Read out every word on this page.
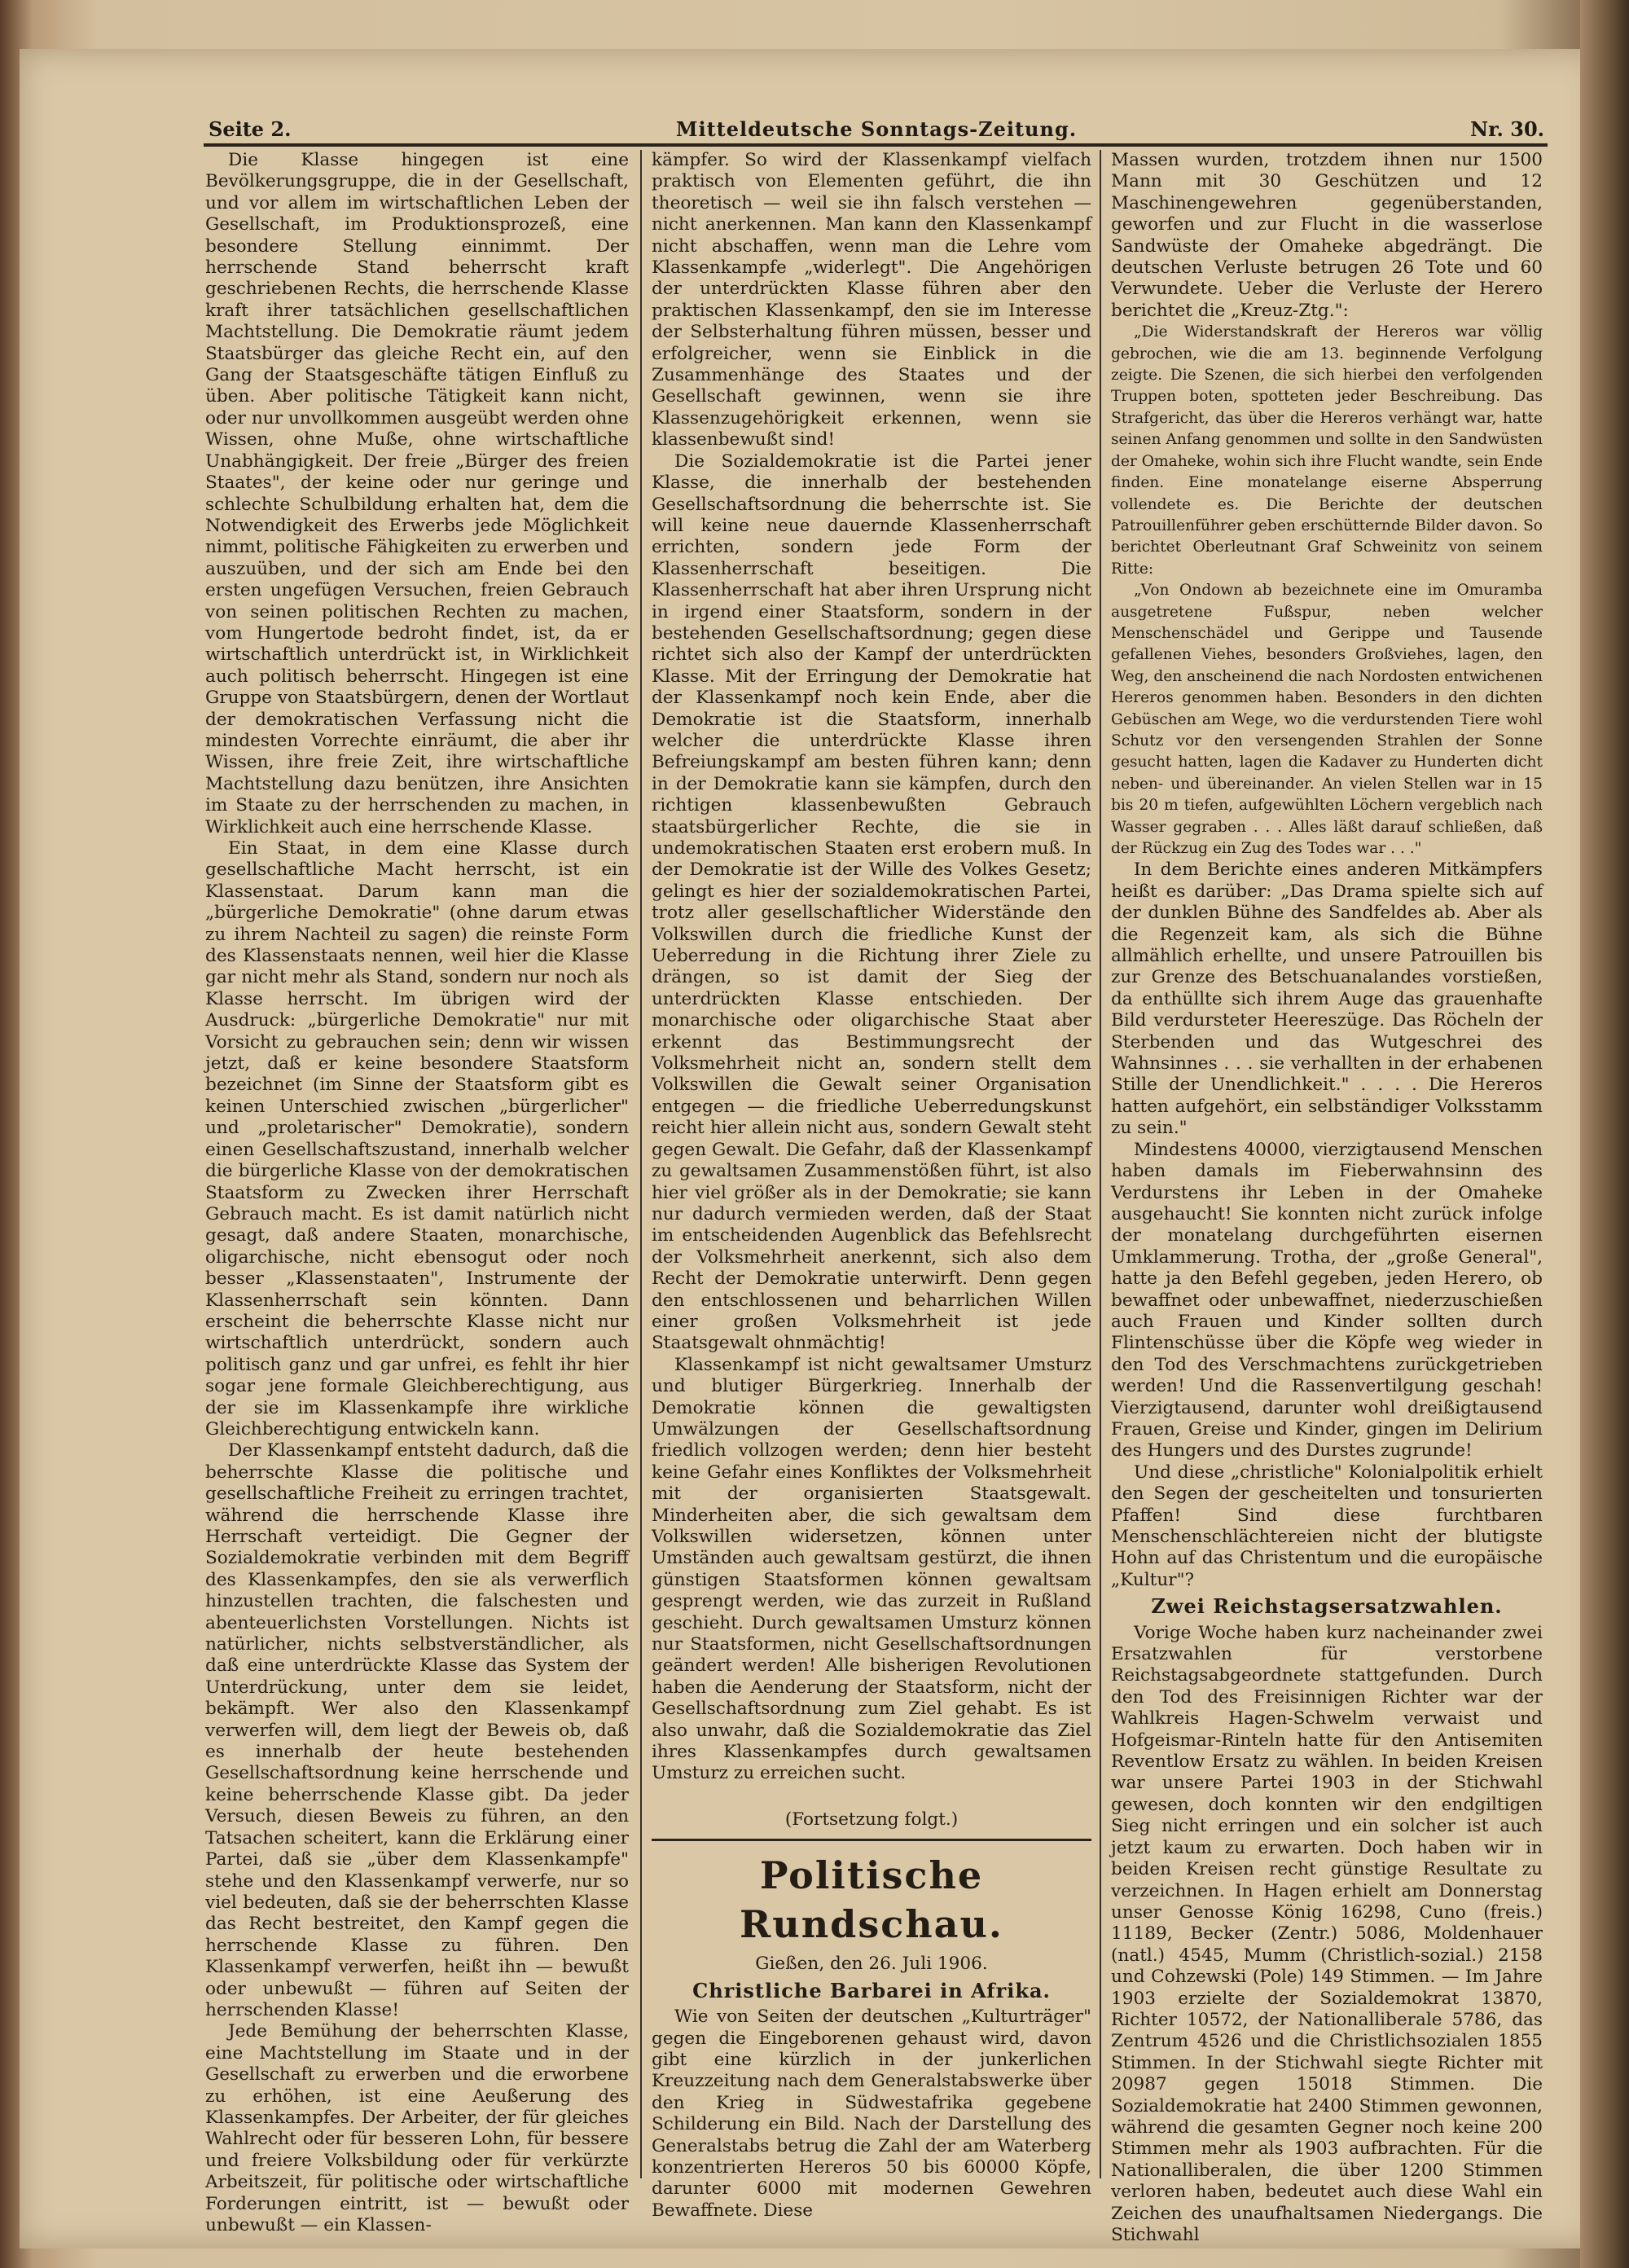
Seite 2.	Mitteldeutsche Sonntags-Zeitung.	Nr. 30.

Die Klasse hingegen ist eine Bevölkerungsgruppe, die in der Gesellschaft, und vor allem im wirtschaftlichen Leben der Gesellschaft, im Produktionsprozeß, eine besondere Stellung einnimmt. Der herrschende Stand beherrscht kraft geschriebenen Rechts, die herrschende Klasse kraft ihrer tatsächlichen gesellschaftlichen Machtstellung. Die Demokratie räumt jedem Staatsbürger das gleiche Recht ein, auf den Gang der Staatsgeschäfte tätigen Einfluß zu üben. Aber politische Tätigkeit kann nicht, oder nur unvollkommen ausgeübt werden ohne Wissen, ohne Muße, ohne wirtschaftliche Unabhängigkeit. Der freie „Bürger des freien Staates", der keine oder nur geringe und schlechte Schulbildung erhalten hat, dem die Notwendigkeit des Erwerbs jede Möglichkeit nimmt, politische Fähigkeiten zu erwerben und auszuüben, und der sich am Ende bei den ersten ungefügen Versuchen, freien Gebrauch von seinen politischen Rechten zu machen, vom Hungertode bedroht findet, ist, da er wirtschaftlich unterdrückt ist, in Wirklichkeit auch politisch beherrscht. Hingegen ist eine Gruppe von Staatsbürgern, denen der Wortlaut der demokratischen Verfassung nicht die mindesten Vorrechte einräumt, die aber ihr Wissen, ihre freie Zeit, ihre wirtschaftliche Machtstellung dazu benützen, ihre Ansichten im Staate zu der herrschenden zu machen, in Wirklichkeit auch eine herrschende Klasse.

Ein Staat, in dem eine Klasse durch gesellschaftliche Macht herrscht, ist ein Klassenstaat. Darum kann man die „bürgerliche Demokratie" (ohne darum etwas zu ihrem Nachteil zu sagen) die reinste Form des Klassenstaats nennen, weil hier die Klasse gar nicht mehr als Stand, sondern nur noch als Klasse herrscht. Im übrigen wird der Ausdruck: „bürgerliche Demokratie" nur mit Vorsicht zu gebrauchen sein; denn wir wissen jetzt, daß er keine besondere Staatsform bezeichnet (im Sinne der Staatsform gibt es keinen Unterschied zwischen „bürgerlicher" und „proletarischer" Demokratie), sondern einen Gesellschaftszustand, innerhalb welcher die bürgerliche Klasse von der demokratischen Staatsform zu Zwecken ihrer Herrschaft Gebrauch macht. Es ist damit natürlich nicht gesagt, daß andere Staaten, monarchische, oligarchische, nicht ebensogut oder noch besser „Klassenstaaten", Instrumente der Klassenherrschaft sein könnten. Dann erscheint die beherrschte Klasse nicht nur wirtschaftlich unterdrückt, sondern auch politisch ganz und gar unfrei, es fehlt ihr hier sogar jene formale Gleichberechtigung, aus der sie im Klassenkampfe ihre wirkliche Gleichberechtigung entwickeln kann.

Der Klassenkampf entsteht dadurch, daß die beherrschte Klasse die politische und gesellschaftliche Freiheit zu erringen trachtet, während die herrschende Klasse ihre Herrschaft verteidigt. Die Gegner der Sozialdemokratie verbinden mit dem Begriff des Klassenkampfes, den sie als verwerflich hinzustellen trachten, die falschesten und abenteuerlichsten Vorstellungen. Nichts ist natürlicher, nichts selbstverständlicher, als daß eine unterdrückte Klasse das System der Unterdrückung, unter dem sie leidet, bekämpft. Wer also den Klassenkampf verwerfen will, dem liegt der Beweis ob, daß es innerhalb der heute bestehenden Gesellschaftsordnung keine herrschende und keine beherrschende Klasse gibt. Da jeder Versuch, diesen Beweis zu führen, an den Tatsachen scheitert, kann die Erklärung einer Partei, daß sie „über dem Klassenkampfe" stehe und den Klassenkampf verwerfe, nur so viel bedeuten, daß sie der beherrschten Klasse das Recht bestreitet, den Kampf gegen die herrschende Klasse zu führen. Den Klassenkampf verwerfen, heißt ihn — bewußt oder unbewußt — führen auf Seiten der herrschenden Klasse!

Jede Bemühung der beherrschten Klasse, eine Machtstellung im Staate und in der Gesellschaft zu erwerben und die erworbene zu erhöhen, ist eine Aeußerung des Klassenkampfes. Der Arbeiter, der für gleiches Wahlrecht oder für besseren Lohn, für bessere und freiere Volksbildung oder für verkürzte Arbeitszeit, für politische oder wirtschaftliche Forderungen eintritt, ist — bewußt oder unbewußt — ein Klassen-

kämpfer. So wird der Klassenkampf vielfach praktisch von Elementen geführt, die ihn theoretisch — weil sie ihn falsch verstehen — nicht anerkennen. Man kann den Klassenkampf nicht abschaffen, wenn man die Lehre vom Klassenkampfe „widerlegt". Die Angehörigen der unterdrückten Klasse führen aber den praktischen Klassenkampf, den sie im Interesse der Selbsterhaltung führen müssen, besser und erfolgreicher, wenn sie Einblick in die Zusammenhänge des Staates und der Gesellschaft gewinnen, wenn sie ihre Klassenzugehörigkeit erkennen, wenn sie klassenbewußt sind!

Die Sozialdemokratie ist die Partei jener Klasse, die innerhalb der bestehenden Gesellschaftsordnung die beherrschte ist. Sie will keine neue dauernde Klassenherrschaft errichten, sondern jede Form der Klassenherrschaft beseitigen. Die Klassenherrschaft hat aber ihren Ursprung nicht in irgend einer Staatsform, sondern in der bestehenden Gesellschaftsordnung; gegen diese richtet sich also der Kampf der unterdrückten Klasse. Mit der Erringung der Demokratie hat der Klassenkampf noch kein Ende, aber die Demokratie ist die Staatsform, innerhalb welcher die unterdrückte Klasse ihren Befreiungskampf am besten führen kann; denn in der Demokratie kann sie kämpfen, durch den richtigen klassenbewußten Gebrauch staatsbürgerlicher Rechte, die sie in undemokratischen Staaten erst erobern muß. In der Demokratie ist der Wille des Volkes Gesetz; gelingt es hier der sozialdemokratischen Partei, trotz aller gesellschaftlicher Widerstände den Volkswillen durch die friedliche Kunst der Ueberredung in die Richtung ihrer Ziele zu drängen, so ist damit der Sieg der unterdrückten Klasse entschieden. Der monarchische oder oligarchische Staat aber erkennt das Bestimmungsrecht der Volksmehrheit nicht an, sondern stellt dem Volkswillen die Gewalt seiner Organisation entgegen — die friedliche Ueberredungskunst reicht hier allein nicht aus, sondern Gewalt steht gegen Gewalt. Die Gefahr, daß der Klassenkampf zu gewaltsamen Zusammenstößen führt, ist also hier viel größer als in der Demokratie; sie kann nur dadurch vermieden werden, daß der Staat im entscheidenden Augenblick das Befehlsrecht der Volksmehrheit anerkennt, sich also dem Recht der Demokratie unterwirft. Denn gegen den entschlossenen und beharrlichen Willen einer großen Volksmehrheit ist jede Staatsgewalt ohnmächtig!

Klassenkampf ist nicht gewaltsamer Umsturz und blutiger Bürgerkrieg. Innerhalb der Demokratie können die gewaltigsten Umwälzungen der Gesellschaftsordnung friedlich vollzogen werden; denn hier besteht keine Gefahr eines Konfliktes der Volksmehrheit mit der organisierten Staatsgewalt. Minderheiten aber, die sich gewaltsam dem Volkswillen widersetzen, können unter Umständen auch gewaltsam gestürzt, die ihnen günstigen Staatsformen können gewaltsam gesprengt werden, wie das zurzeit in Rußland geschieht. Durch gewaltsamen Umsturz können nur Staatsformen, nicht Gesellschaftsordnungen geändert werden! Alle bisherigen Revolutionen haben die Aenderung der Staatsform, nicht der Gesellschaftsordnung zum Ziel gehabt. Es ist also unwahr, daß die Sozialdemokratie das Ziel ihres Klassenkampfes durch gewaltsamen Umsturz zu erreichen sucht.

(Fortsetzung folgt.)

Politische Rundschau.

Gießen, den 26. Juli 1906.

Christliche Barbarei in Afrika.

Wie von Seiten der deutschen „Kulturträger" gegen die Eingeborenen gehaust wird, davon gibt eine kürzlich in der junkerlichen Kreuzzeitung nach dem Generalstabswerke über den Krieg in Südwestafrika gegebene Schilderung ein Bild. Nach der Darstellung des Generalstabs betrug die Zahl der am Waterberg konzentrierten Hereros 50 bis 60000 Köpfe, darunter 6000 mit modernen Gewehren Bewaffnete. Diese

Massen wurden, trotzdem ihnen nur 1500 Mann mit 30 Geschützen und 12 Maschinengewehren gegenüberstanden, geworfen und zur Flucht in die wasserlose Sandwüste der Omaheke abgedrängt. Die deutschen Verluste betrugen 26 Tote und 60 Verwundete. Ueber die Verluste der Herero berichtet die „Kreuz-Ztg.":

„Die Widerstandskraft der Hereros war völlig gebrochen, wie die am 13. beginnende Verfolgung zeigte. Die Szenen, die sich hierbei den verfolgenden Truppen boten, spotteten jeder Beschreibung. Das Strafgericht, das über die Hereros verhängt war, hatte seinen Anfang genommen und sollte in den Sandwüsten der Omaheke, wohin sich ihre Flucht wandte, sein Ende finden. Eine monatelange eiserne Absperrung vollendete es. Die Berichte der deutschen Patrouillenführer geben erschütternde Bilder davon. So berichtet Oberleutnant Graf Schweinitz von seinem Ritte:

„Von Ondown ab bezeichnete eine im Omuramba ausgetretene Fußspur, neben welcher Menschenschädel und Gerippe und Tausende gefallenen Viehes, besonders Großviehes, lagen, den Weg, den anscheinend die nach Nordosten entwichenen Hereros genommen haben. Besonders in den dichten Gebüschen am Wege, wo die verdurstenden Tiere wohl Schutz vor den versengenden Strahlen der Sonne gesucht hatten, lagen die Kadaver zu Hunderten dicht neben- und übereinander. An vielen Stellen war in 15 bis 20 m tiefen, aufgewühlten Löchern vergeblich nach Wasser gegraben . . . Alles läßt darauf schließen, daß der Rückzug ein Zug des Todes war . . ."

In dem Berichte eines anderen Mitkämpfers heißt es darüber: „Das Drama spielte sich auf der dunklen Bühne des Sandfeldes ab. Aber als die Regenzeit kam, als sich die Bühne allmählich erhellte, und unsere Patrouillen bis zur Grenze des Betschuanalandes vorstießen, da enthüllte sich ihrem Auge das grauenhafte Bild verdursteter Heereszüge. Das Röcheln der Sterbenden und das Wutgeschrei des Wahnsinnes . . . sie verhallten in der erhabenen Stille der Unendlichkeit." . . . . Die Hereros hatten aufgehört, ein selbständiger Volksstamm zu sein."

Mindestens 40000, vierzigtausend Menschen haben damals im Fieberwahnsinn des Verdurstens ihr Leben in der Omaheke ausgehaucht! Sie konnten nicht zurück infolge der monatelang durchgeführten eisernen Umklammerung. Trotha, der „große General", hatte ja den Befehl gegeben, jeden Herero, ob bewaffnet oder unbewaffnet, niederzuschießen auch Frauen und Kinder sollten durch Flintenschüsse über die Köpfe weg wieder in den Tod des Verschmachtens zurückgetrieben werden! Und die Rassenvertilgung geschah! Vierzigtausend, darunter wohl dreißigtausend Frauen, Greise und Kinder, gingen im Delirium des Hungers und des Durstes zugrunde!

Und diese „christliche" Kolonialpolitik erhielt den Segen der gescheitelten und tonsurierten Pfaffen! Sind diese furchtbaren Menschenschlächtereien nicht der blutigste Hohn auf das Christentum und die europäische „Kultur"?

Zwei Reichstagsersatzwahlen.

Vorige Woche haben kurz nacheinander zwei Ersatzwahlen für verstorbene Reichstagsabgeordnete stattgefunden. Durch den Tod des Freisinnigen Richter war der Wahlkreis Hagen-Schwelm verwaist und Hofgeismar-Rinteln hatte für den Antisemiten Reventlow Ersatz zu wählen. In beiden Kreisen war unsere Partei 1903 in der Stichwahl gewesen, doch konnten wir den endgiltigen Sieg nicht erringen und ein solcher ist auch jetzt kaum zu erwarten. Doch haben wir in beiden Kreisen recht günstige Resultate zu verzeichnen. In Hagen erhielt am Donnerstag unser Genosse König 16298, Cuno (freis.) 11189, Becker (Zentr.) 5086, Moldenhauer (natl.) 4545, Mumm (Christlich-sozial.) 2158 und Cohzewski (Pole) 149 Stimmen. — Im Jahre 1903 erzielte der Sozialdemokrat 13870, Richter 10572, der Nationalliberale 5786, das Zentrum 4526 und die Christlichsozialen 1855 Stimmen. In der Stichwahl siegte Richter mit 20987 gegen 15018 Stimmen. Die Sozialdemokratie hat 2400 Stimmen gewonnen, während die gesamten Gegner noch keine 200 Stimmen mehr als 1903 aufbrachten. Für die Nationalliberalen, die über 1200 Stimmen verloren haben, bedeutet auch diese Wahl ein Zeichen des unaufhaltsamen Niedergangs. Die Stichwahl
